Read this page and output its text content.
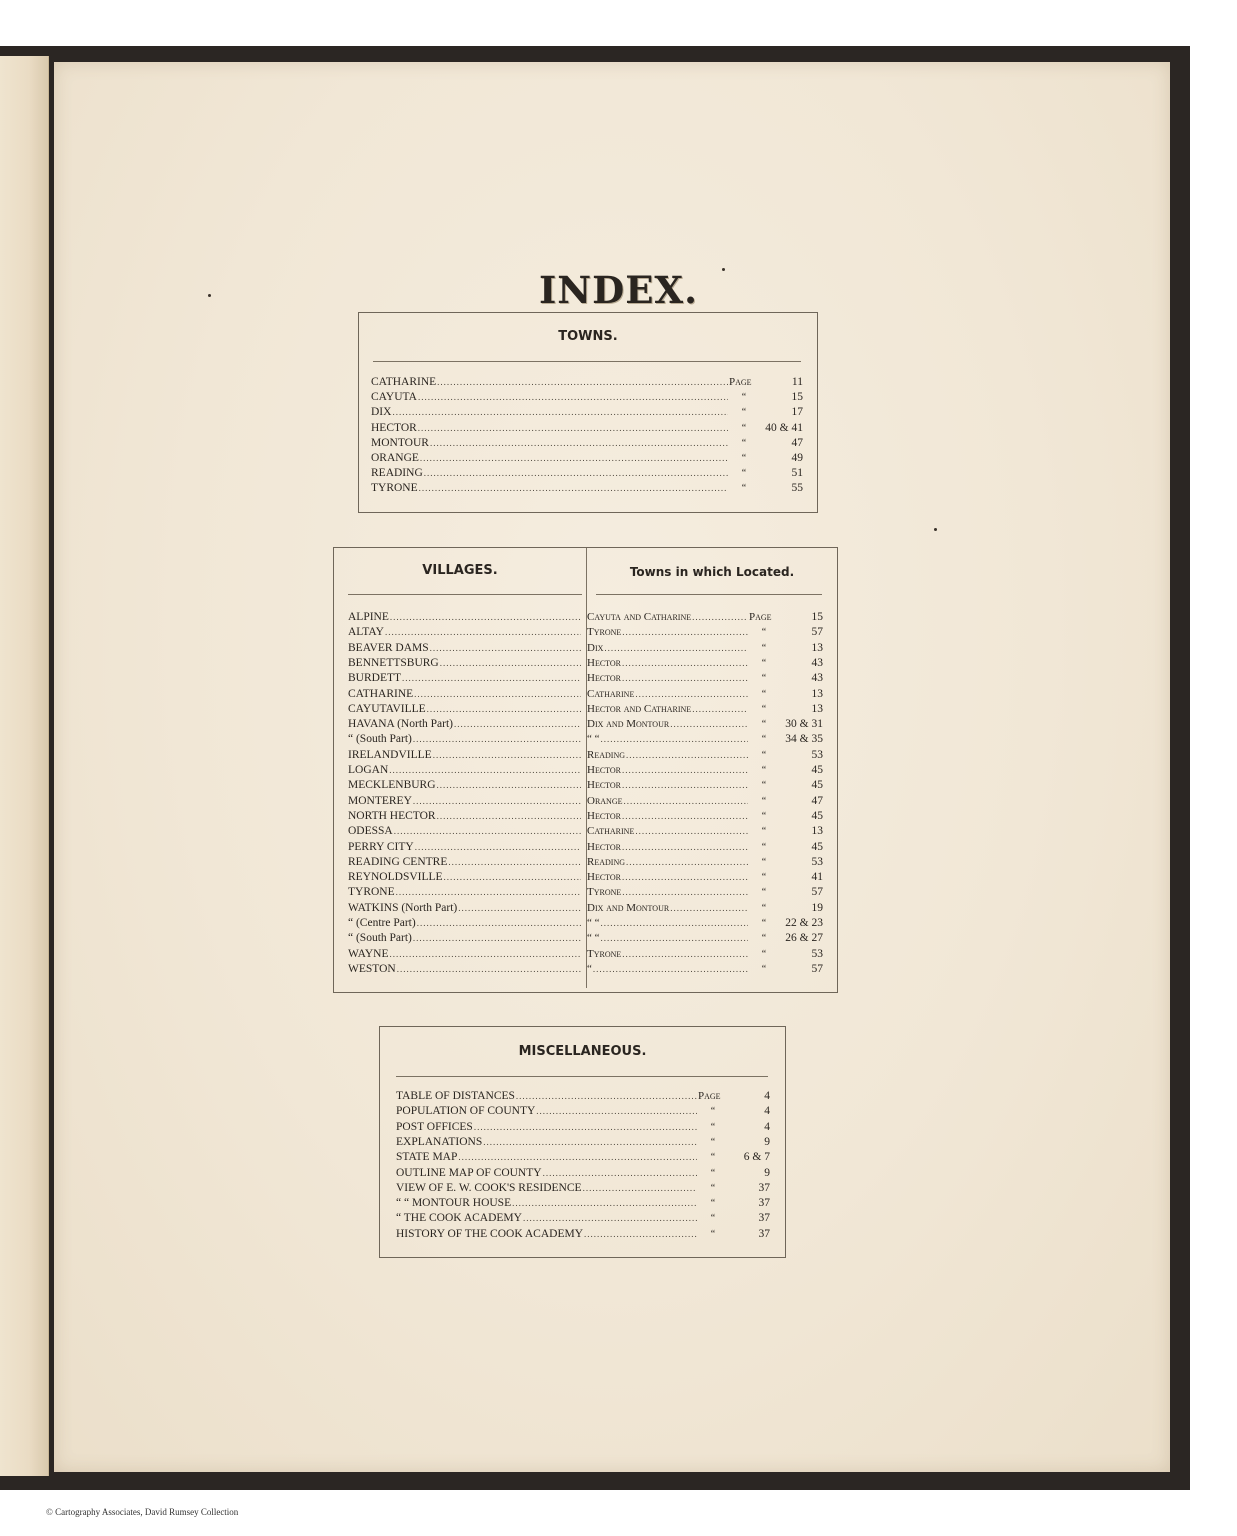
INDEX.
TOWNS.
CATHARINE .....	Page	11
CAYUTA .....	“	15
DIX .....	“	17
HECTOR .....	“	40 & 41
MONTOUR .....	“	47
ORANGE .....	“	49
READING .....	“	51
TYRONE .....	“	55
VILLAGES.	Towns in which Located.
ALPINE .....	Cayuta and Catharine .....	Page	15
ALTAY .....	Tyrone .....	“	57
BEAVER DAMS .....	Dix .....	“	13
BENNETTSBURG .....	Hector .....	“	43
BURDETT .....	Hector .....	“	43
CATHARINE .....	Catharine .....	“	13
CAYUTAVILLE .....	Hector and Catharine .....	“	13
HAVANA (North Part) .....	Dix and Montour .....	“	30 & 31
“ (South Part) .....	“ “ .....	“	34 & 35
IRELANDVILLE .....	Reading .....	“	53
LOGAN .....	Hector .....	“	45
MECKLENBURG .....	Hector .....	“	45
MONTEREY .....	Orange .....	“	47
NORTH HECTOR .....	Hector .....	“	45
ODESSA .....	Catharine .....	“	13
PERRY CITY .....	Hector .....	“	45
READING CENTRE .....	Reading .....	“	53
REYNOLDSVILLE .....	Hector .....	“	41
TYRONE .....	Tyrone .....	“	57
WATKINS (North Part) .....	Dix and Montour .....	“	19
“ (Centre Part) .....	“ “ .....	“	22 & 23
“ (South Part) .....	“ “ .....	“	26 & 27
WAYNE .....	Tyrone .....	“	53
WESTON .....	“ .....	“	57
MISCELLANEOUS.
TABLE OF DISTANCES .....	Page	4
POPULATION OF COUNTY .....	“	4
POST OFFICES .....	“	4
EXPLANATIONS .....	“	9
STATE MAP .....	“	6 & 7
OUTLINE MAP OF COUNTY .....	“	9
VIEW OF E. W. COOK'S RESIDENCE .....	“	37
“ “ MONTOUR HOUSE .....	“	37
“ THE COOK ACADEMY .....	“	37
HISTORY OF THE COOK ACADEMY .....	“	37
© Cartography Associates, David Rumsey Collection
